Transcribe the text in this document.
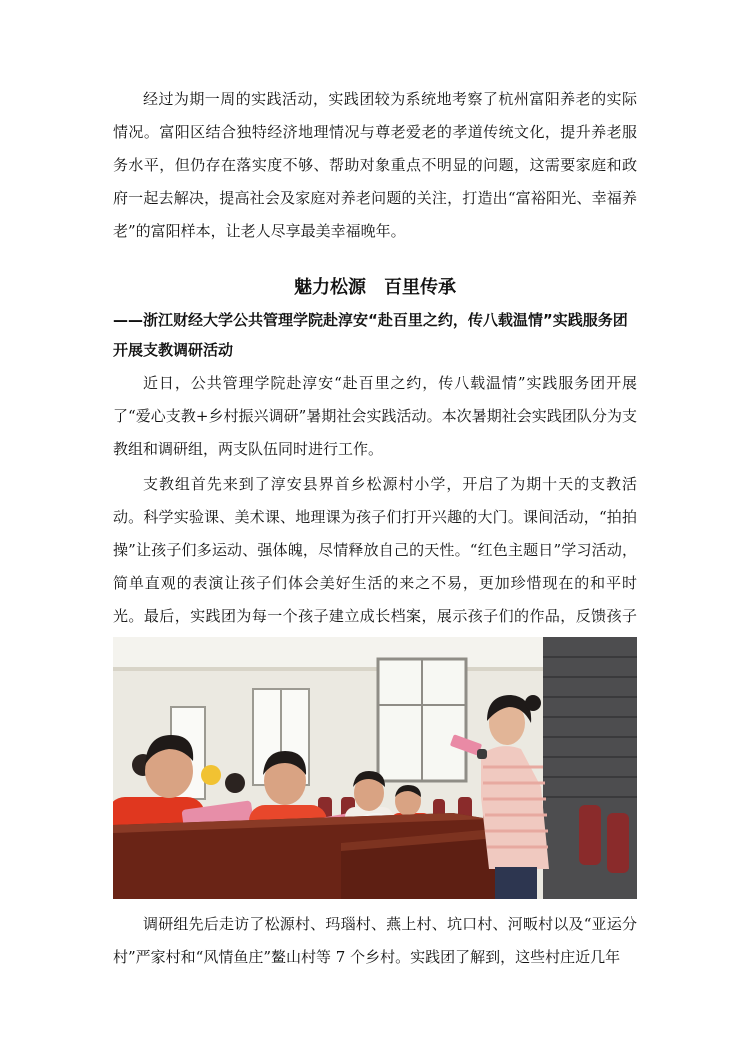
经过为期一周的实践活动，实践团较为系统地考察了杭州富阳养老的实际情况。富阳区结合独特经济地理情况与尊老爱老的孝道传统文化，提升养老服务水平，但仍存在落实度不够、帮助对象重点不明显的问题，这需要家庭和政府一起去解决，提高社会及家庭对养老问题的关注，打造出“富裕阳光、幸福养老”的富阳样本，让老人尽享最美幸福晚年。

魅力松源　百里传承
——浙江财经大学公共管理学院赴淳安“赴百里之约，传八载温情”实践服务团开展支教调研活动

近日，公共管理学院赴淳安“赴百里之约，传八载温情”实践服务团开展了“爱心支教+乡村振兴调研”暑期社会实践活动。本次暑期社会实践团队分为支教组和调研组，两支队伍同时进行工作。

支教组首先来到了淳安县界首乡松源村小学，开启了为期十天的支教活动。科学实验课、美术课、地理课为孩子们打开兴趣的大门。课间活动，“拍拍操”让孩子们多运动、强体魄，尽情释放自己的天性。“红色主题日”学习活动，简单直观的表演让孩子们体会美好生活的来之不易，更加珍惜现在的和平时光。最后，实践团为每一个孩子建立成长档案，展示孩子们的作品，反馈孩子

调研组先后走访了松源村、玛瑙村、燕上村、坑口村、河畈村以及“亚运分村”严家村和“风情鱼庄”鳌山村等 7 个乡村。实践团了解到，这些村庄近几年
